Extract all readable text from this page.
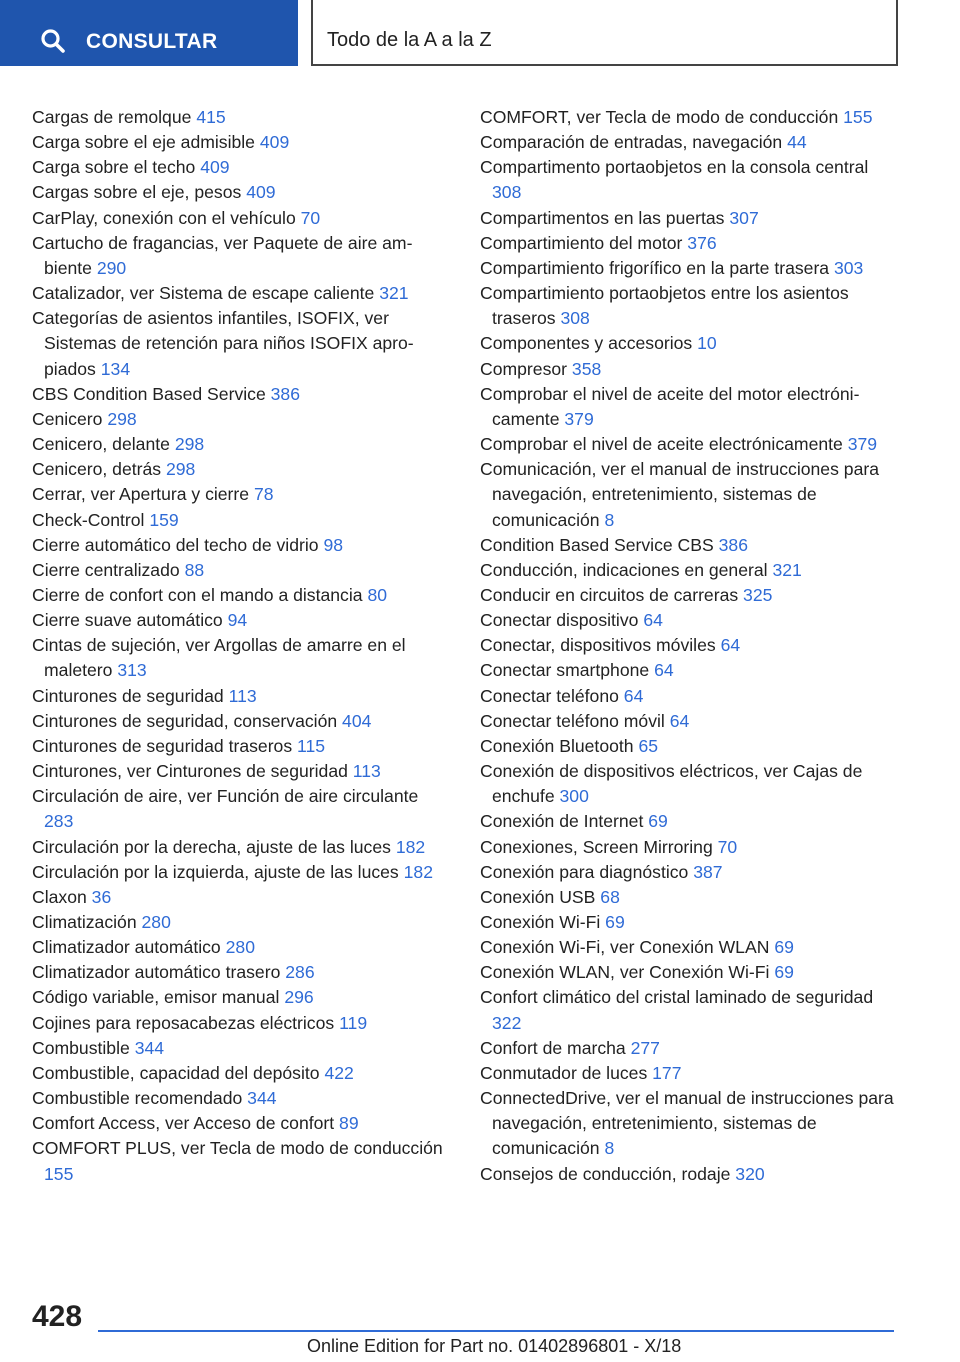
CONSULTAR	Todo de la A a la Z
Cargas de remolque 415
Carga sobre el eje admisible 409
Carga sobre el techo 409
Cargas sobre el eje, pesos 409
CarPlay, conexión con el vehículo 70
Cartucho de fragancias, ver Paquete de aire ambiente 290
Catalizador, ver Sistema de escape caliente 321
Categorías de asientos infantiles, ISOFIX, ver Sistemas de retención para niños ISOFIX apropiados 134
CBS Condition Based Service 386
Cenicero 298
Cenicero, delante 298
Cenicero, detrás 298
Cerrar, ver Apertura y cierre 78
Check-Control 159
Cierre automático del techo de vidrio 98
Cierre centralizado 88
Cierre de confort con el mando a distancia 80
Cierre suave automático 94
Cintas de sujeción, ver Argollas de amarre en el maletero 313
Cinturones de seguridad 113
Cinturones de seguridad, conservación 404
Cinturones de seguridad traseros 115
Cinturones, ver Cinturones de seguridad 113
Circulación de aire, ver Función de aire circulante 283
Circulación por la derecha, ajuste de las luces 182
Circulación por la izquierda, ajuste de las luces 182
Claxon 36
Climatización 280
Climatizador automático 280
Climatizador automático trasero 286
Código variable, emisor manual 296
Cojines para reposacabezas eléctricos 119
Combustible 344
Combustible, capacidad del depósito 422
Combustible recomendado 344
Comfort Access, ver Acceso de confort 89
COMFORT PLUS, ver Tecla de modo de conducción 155
COMFORT, ver Tecla de modo de conducción 155
Comparación de entradas, navegación 44
Compartimento portaobjetos en la consola central 308
Compartimentos en las puertas 307
Compartimiento del motor 376
Compartimiento frigorífico en la parte trasera 303
Compartimiento portaobjetos entre los asientos traseros 308
Componentes y accesorios 10
Compresor 358
Comprobar el nivel de aceite del motor electrónicamente 379
Comprobar el nivel de aceite electrónicamente 379
Comunicación, ver el manual de instrucciones para navegación, entretenimiento, sistemas de comunicación 8
Condition Based Service CBS 386
Conducción, indicaciones en general 321
Conducir en circuitos de carreras 325
Conectar dispositivo 64
Conectar, dispositivos móviles 64
Conectar smartphone 64
Conectar teléfono 64
Conectar teléfono móvil 64
Conexión Bluetooth 65
Conexión de dispositivos eléctricos, ver Cajas de enchufe 300
Conexión de Internet 69
Conexiones, Screen Mirroring 70
Conexión para diagnóstico 387
Conexión USB 68
Conexión Wi-Fi 69
Conexión Wi-Fi, ver Conexión WLAN 69
Conexión WLAN, ver Conexión Wi-Fi 69
Confort climático del cristal laminado de seguridad 322
Confort de marcha 277
Conmutador de luces 177
ConnectedDrive, ver el manual de instrucciones para navegación, entretenimiento, sistemas de comunicación 8
Consejos de conducción, rodaje 320
428
Online Edition for Part no. 01402896801 - X/18
